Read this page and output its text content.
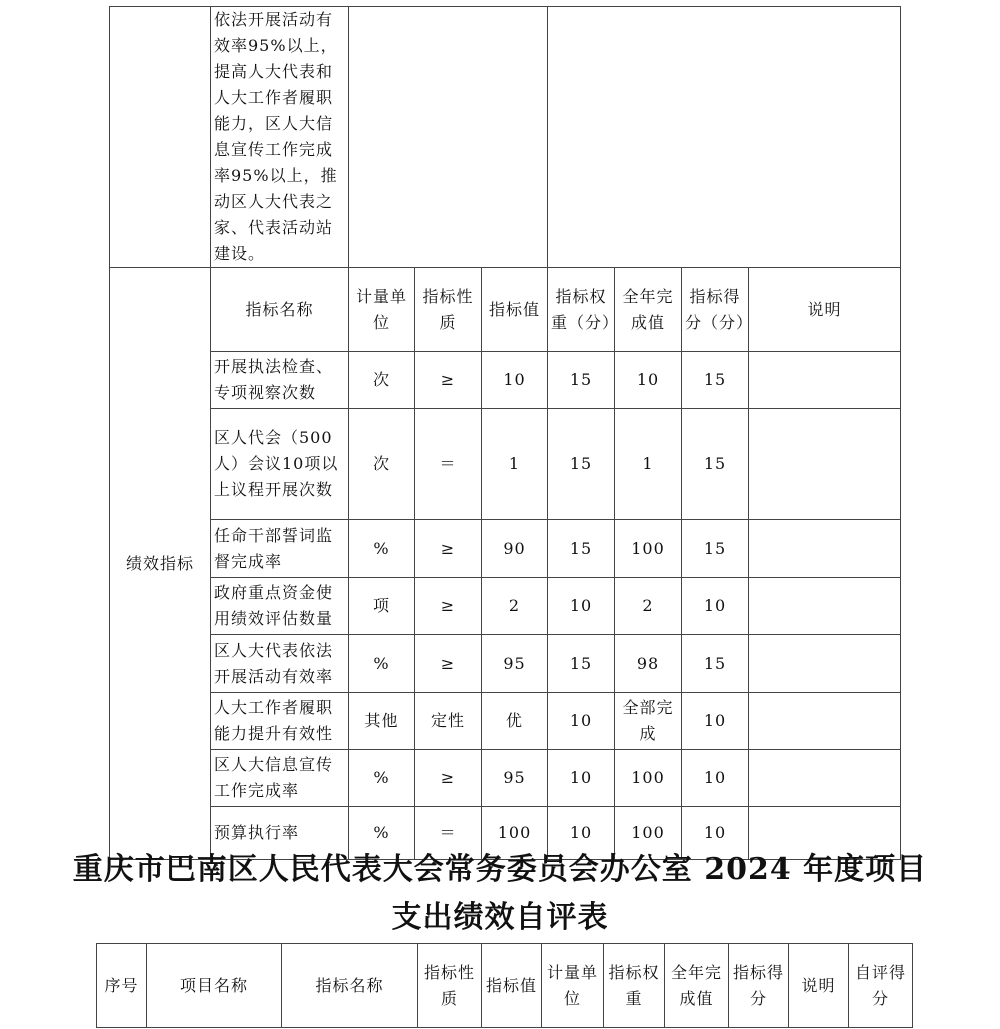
	依法开展活动有效率95%以上，提高人大代表和人大工作者履职能力，区人大信息宣传工作完成率95%以上，推动区人大代表之家、代表活动站建设。							
绩效指标	指标名称	计量单位	指标性质	指标值	指标权重（分）	全年完成值	指标得分（分）	说明
	开展执法检查、专项视察次数	次	≥	10	15	10	15	
	区人代会（500人）会议10项以上议程开展次数	次	＝	1	15	1	15	
	任命干部誓词监督完成率	%	≥	90	15	100	15	
	政府重点资金使用绩效评估数量	项	≥	2	10	2	10	
	区人大代表依法开展活动有效率	%	≥	95	15	98	15	
	人大工作者履职能力提升有效性	其他	定性	优	10	全部完成	10	
	区人大信息宣传工作完成率	%	≥	95	10	100	10	
	预算执行率	%	＝	100	10	100	10	
重庆市巴南区人民代表大会常务委员会办公室 2024 年度项目
支出绩效自评表
序号	项目名称	指标名称	指标性质	指标值	计量单位	指标权重	全年完成值	指标得分	说明	自评得分
